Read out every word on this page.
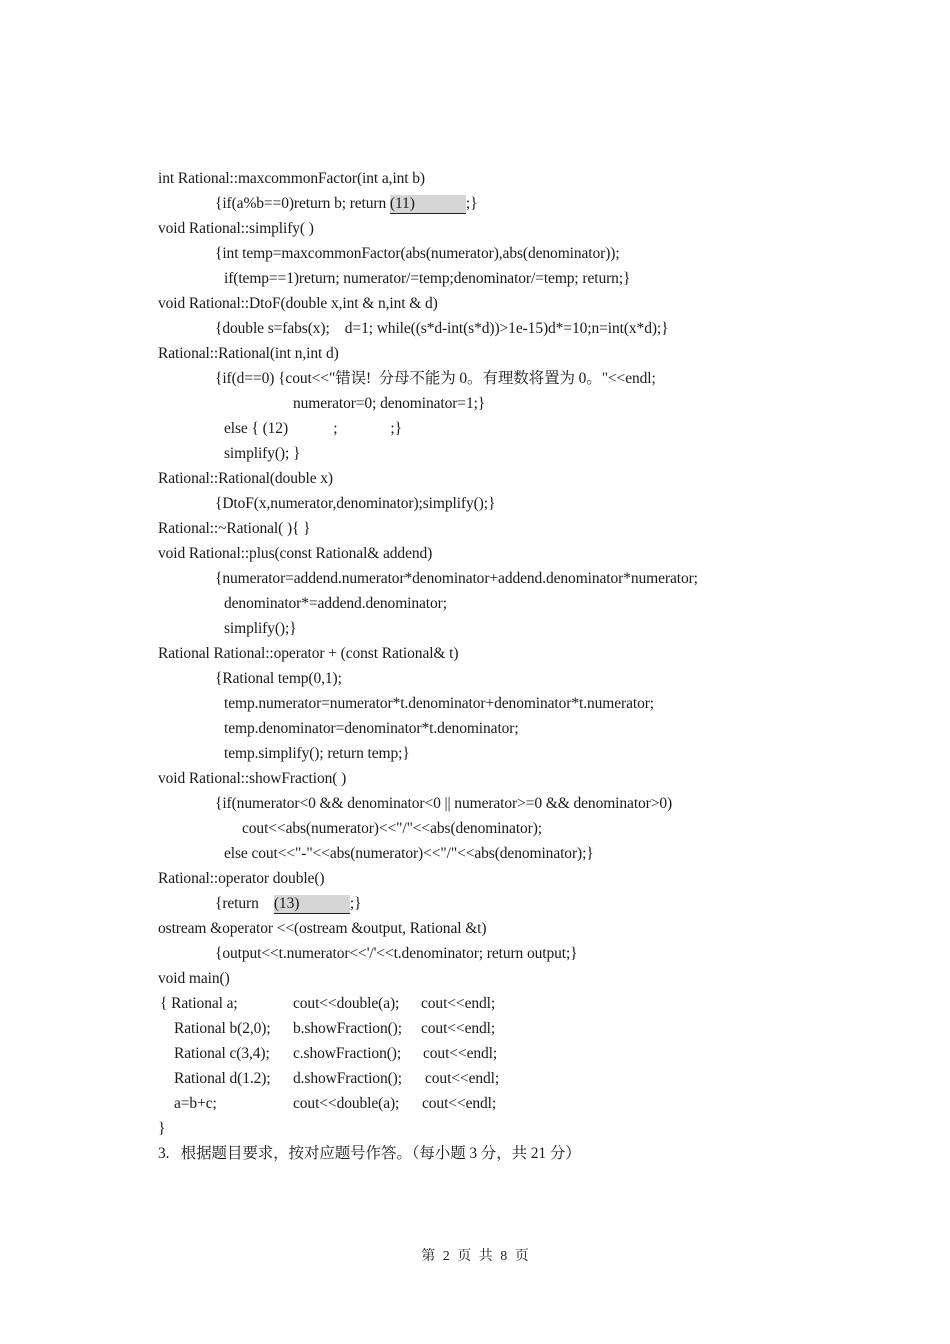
int Rational::maxcommonFactor(int a,int b)
{if(a%b==0)return b; return (11)	;}
void Rational::simplify( )
{int temp=maxcommonFactor(abs(numerator),abs(denominator));
if(temp==1)return; numerator/=temp;denominator/=temp; return;}
void Rational::DtoF(double x,int & n,int & d)
{double s=fabs(x);    d=1; while((s*d-int(s*d))>1e-15)d*=10;n=int(x*d);}
Rational::Rational(int n,int d)
{if(d==0) {cout<<"错误!  分母不能为 0。有理数将置为 0。"<<endl;
numerator=0; denominator=1;}
else { (12)            ;              ;}
simplify(); }
Rational::Rational(double x)
{DtoF(x,numerator,denominator);simplify();}
Rational::~Rational( ){ }
void Rational::plus(const Rational& addend)
{numerator=addend.numerator*denominator+addend.denominator*numerator;
denominator*=addend.denominator;
simplify();}
Rational Rational::operator + (const Rational& t)
{Rational temp(0,1);
temp.numerator=numerator*t.denominator+denominator*t.numerator;
temp.denominator=denominator*t.denominator;
temp.simplify(); return temp;}
void Rational::showFraction( )
{if(numerator<0 && denominator<0 || numerator>=0 && denominator>0)
cout<<abs(numerator)<<"/"<<abs(denominator);
else cout<<"-"<<abs(numerator)<<"/"<<abs(denominator);}
Rational::operator double()
{return    (13)	;}
ostream &operator <<(ostream &output, Rational &t)
{output<<t.numerator<<'/'<<t.denominator; return output;}
void main()
{ Rational a;	cout<<double(a); cout<<endl;
Rational b(2,0); b.showFraction(); cout<<endl;
Rational c(3,4); c.showFraction(); cout<<endl;
Rational d(1.2); d.showFraction(); cout<<endl;
a=b+c;	cout<<double(a); cout<<endl;
}
3.   根据题目要求，按对应题号作答。（每小题 3 分，共 21 分）
第 2 页 共 8 页
